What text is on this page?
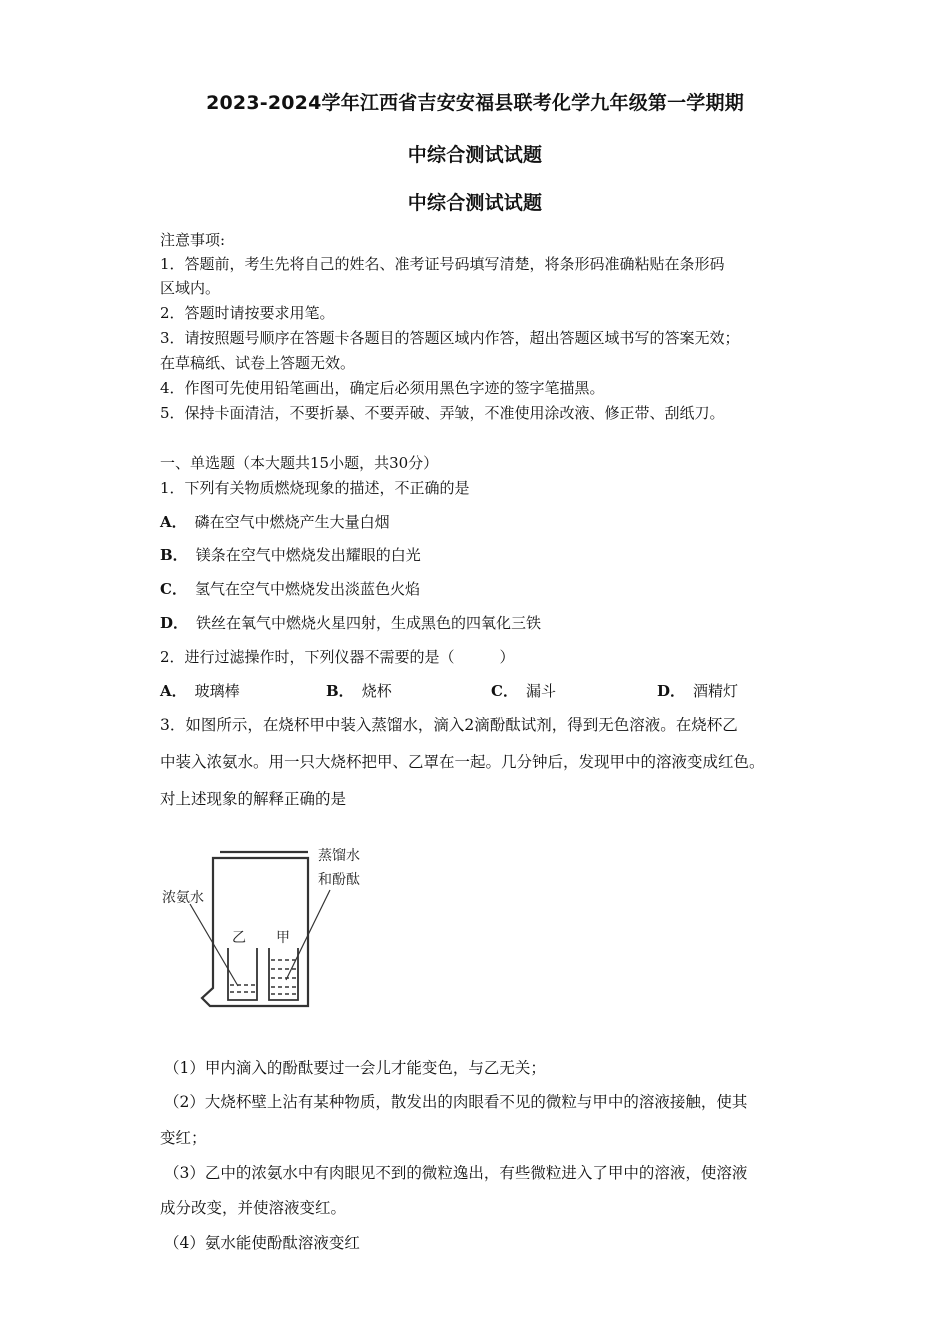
2023-2024学年江西省吉安安福县联考化学九年级第一学期期
中综合测试试题
中综合测试试题
注意事项:
1．答题前，考生先将自己的姓名、准考证号码填写清楚，将条形码准确粘贴在条形码
区域内。
2．答题时请按要求用笔。
3．请按照题号顺序在答题卡各题目的答题区域内作答，超出答题区域书写的答案无效；
在草稿纸、试卷上答题无效。
4．作图可先使用铅笔画出，确定后必须用黑色字迹的签字笔描黑。
5．保持卡面清洁，不要折暴、不要弄破、弄皱，不准使用涂改液、修正带、刮纸刀。
一、单选题（本大题共15小题，共30分）
1．下列有关物质燃烧现象的描述，不正确的是
A． 磷在空气中燃烧产生大量白烟
B． 镁条在空气中燃烧发出耀眼的白光
C． 氢气在空气中燃烧发出淡蓝色火焰
D． 铁丝在氧气中燃烧火星四射，生成黑色的四氧化三铁
2．进行过滤操作时，下列仪器不需要的是（　　　）
A． 玻璃棒	B． 烧杯	C． 漏斗	D． 酒精灯
3．如图所示，在烧杯甲中装入蒸馏水，滴入2滴酚酞试剂，得到无色溶液。在烧杯乙
中装入浓氨水。用一只大烧杯把甲、乙罩在一起。几分钟后，发现甲中的溶液变成红色。
对上述现象的解释正确的是
浓氨水
蒸馏水
和酚酞
乙 甲
（1）甲内滴入的酚酞要过一会儿才能变色，与乙无关；
（2）大烧杯壁上沾有某种物质，散发出的肉眼看不见的微粒与甲中的溶液接触，使其
变红；
（3）乙中的浓氨水中有肉眼见不到的微粒逸出，有些微粒进入了甲中的溶液，使溶液
成分改变，并使溶液变红。
（4）氨水能使酚酞溶液变红
